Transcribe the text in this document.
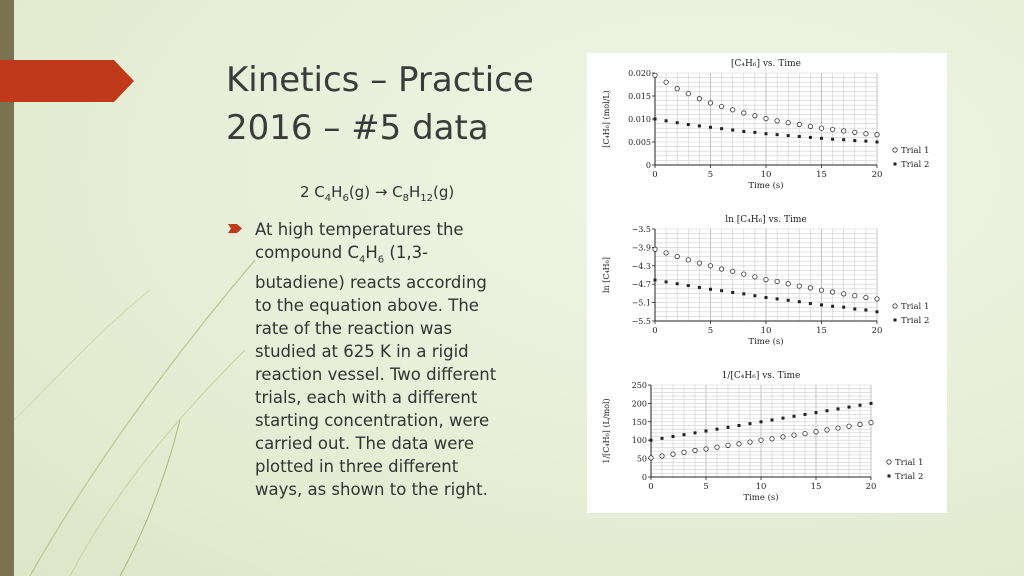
Kinetics – Practice
2016 – #5 data
2 $C_4H_6(g) \to C_8H_{12}(g)$
At high temperatures the
compound $C_4H_6$ (1,3-
butadiene) reacts according
to the equation above. The
rate of the reaction was
studied at 625 K in a rigid
reaction vessel. Two different
trials, each with a different
starting concentration, were
carried out. The data were
plotted in three different
ways, as shown to the right.
[C₄H₆] vs. Time
0
0.005
0.010
0.015
0.020
0	5	10	15	20
Time (s)
[C₄H₆] (mol/L)
Trial 1
Trial 2
ln [C₄H₆] vs. Time
−3.5
−3.9
−4.3
−4.7
−5.1
−5.5
0	5	10	15	20
Time (s)
ln [C₄H₆]
Trial 1
Trial 2
1/[C₄H₆] vs. Time
0
50
100
150
200
250
0	5	10	15	20
Time (s)
1/[C₄H₆] (L/mol)	Trial 1
Trial 2
